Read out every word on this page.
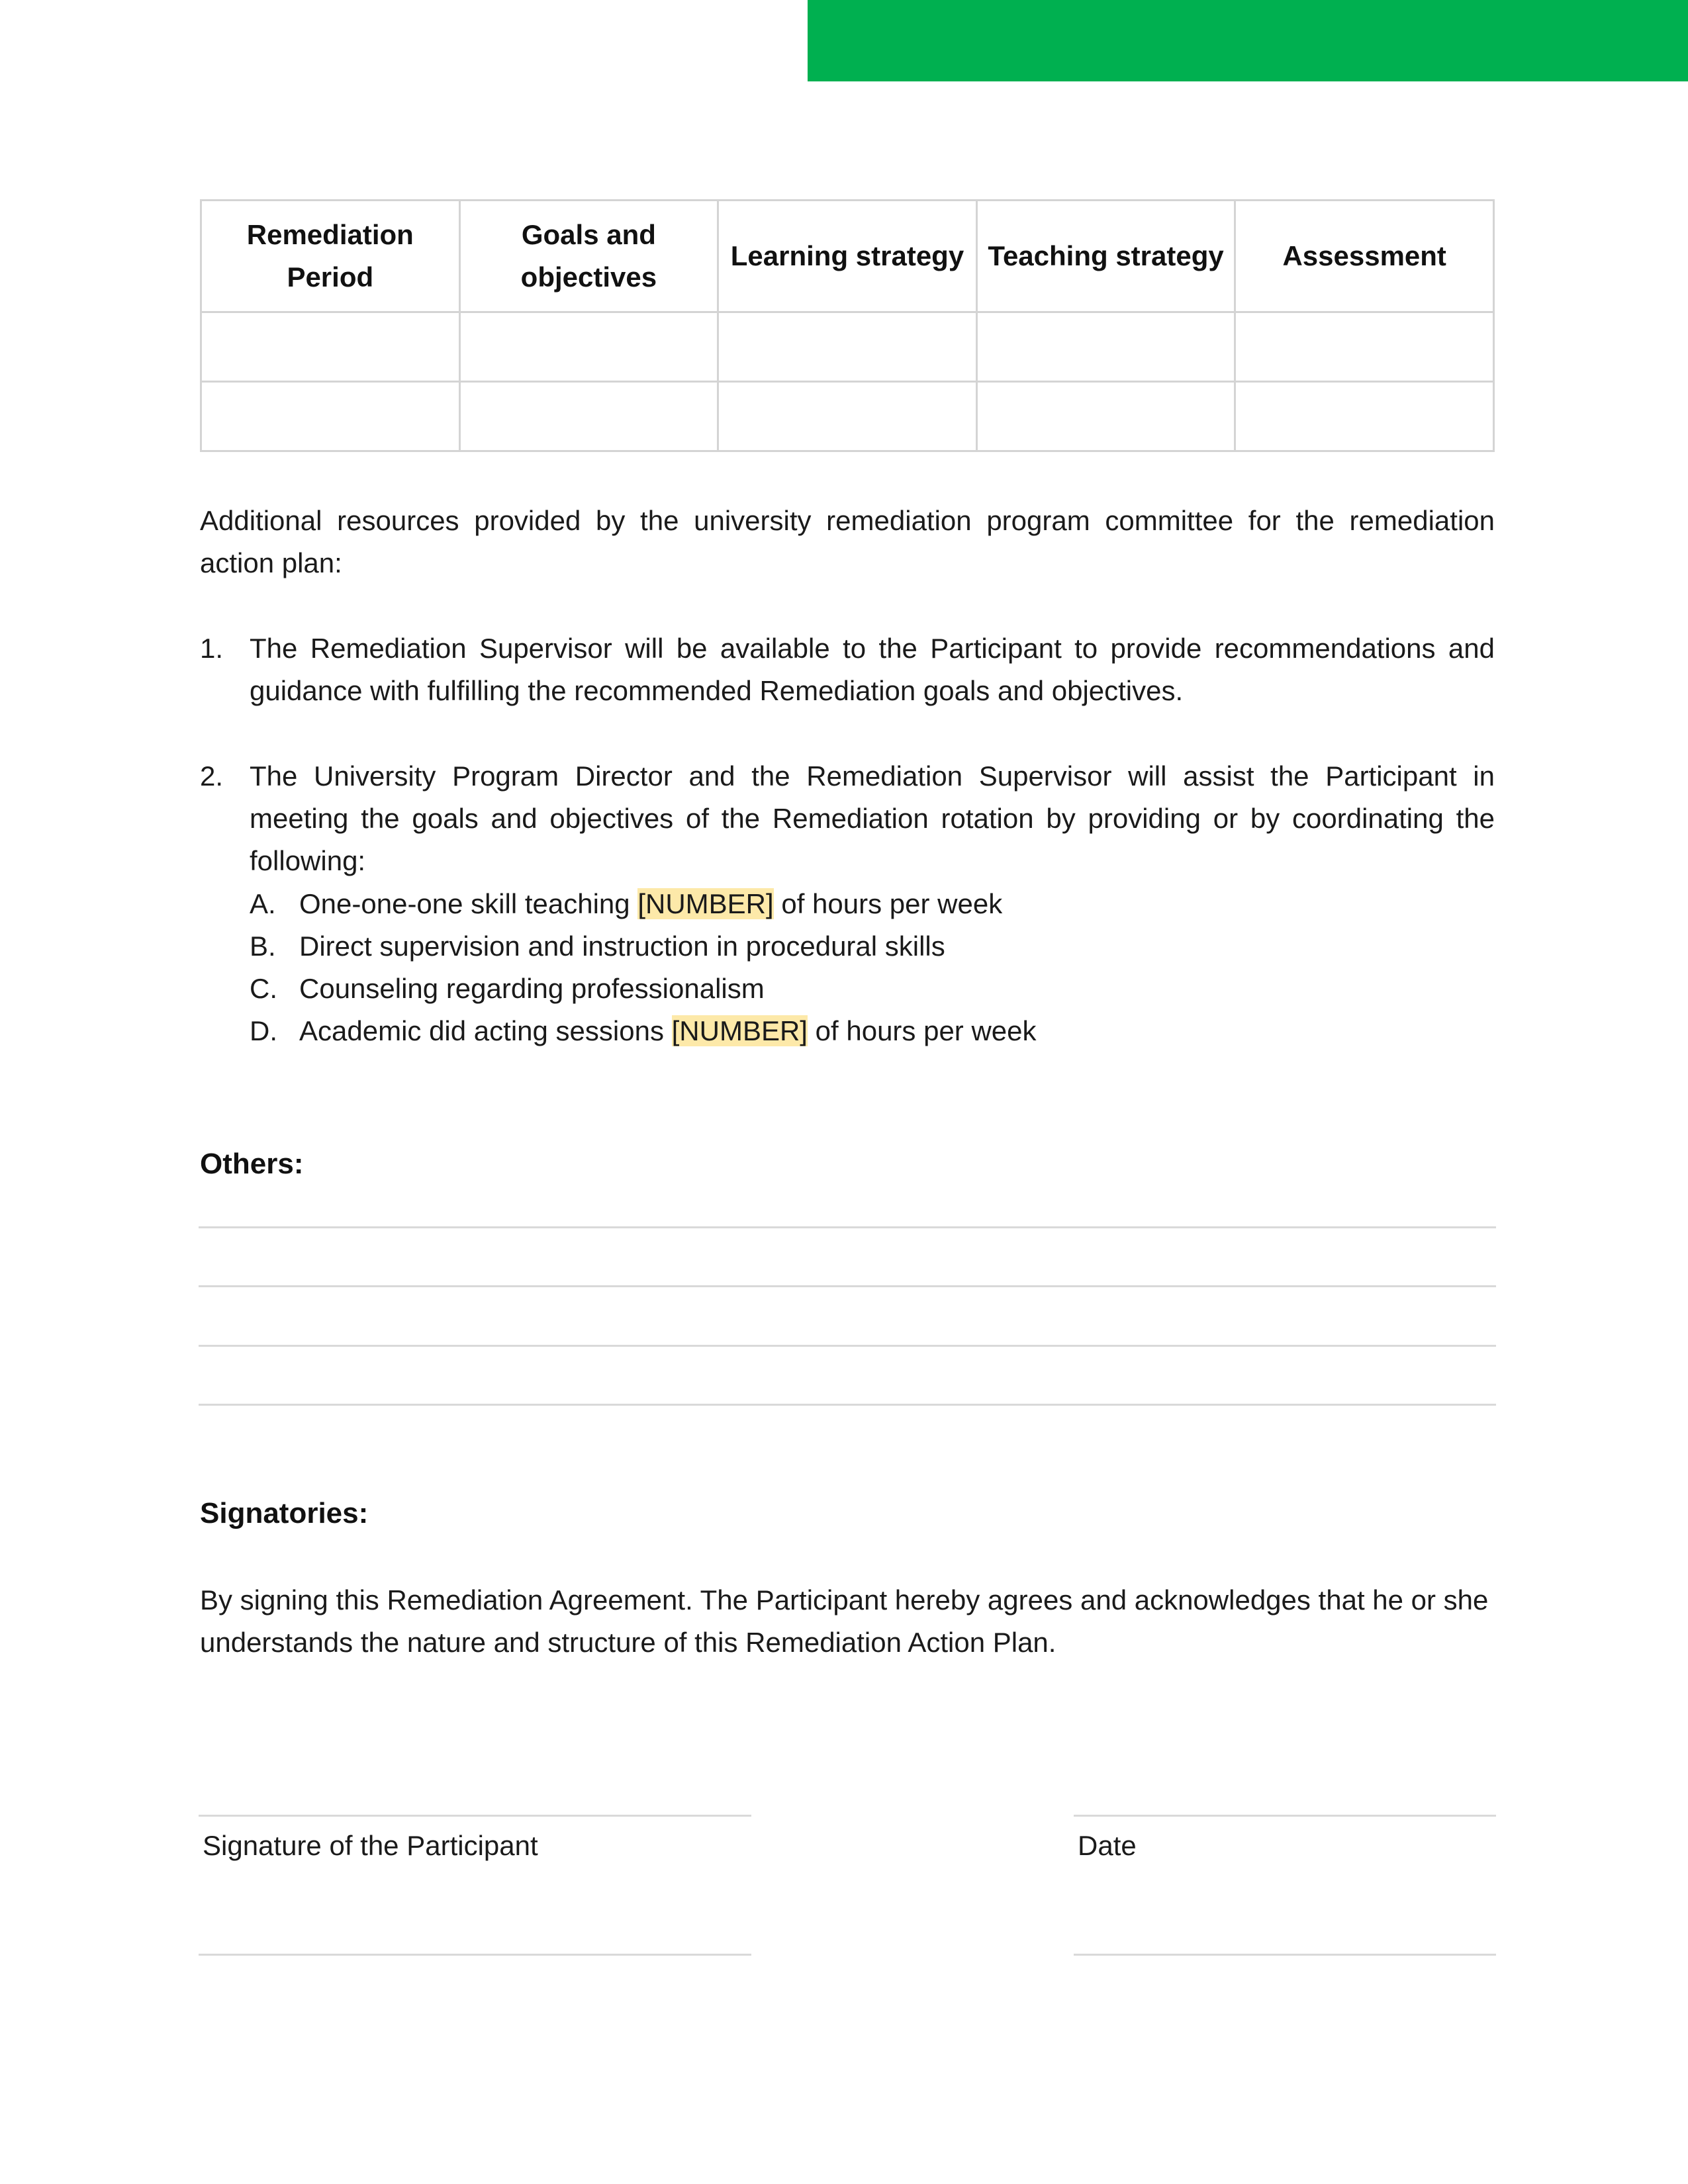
Remediation Period	Goals and objectives	Learning strategy	Teaching strategy	Assessment

Additional resources provided by the university remediation program committee for the remediation action plan:
1. The Remediation Supervisor will be available to the Participant to provide recommendations and guidance with fulfilling the recommended Remediation goals and objectives.
2. The University Program Director and the Remediation Supervisor will assist the Participant in meeting the goals and objectives of the Remediation rotation by providing or by coordinating the following:
A. One-one-one skill teaching [NUMBER] of hours per week
B. Direct supervision and instruction in procedural skills
C. Counseling regarding professionalism
D. Academic did acting sessions [NUMBER] of hours per week
Others:
Signatories:
By signing this Remediation Agreement. The Participant hereby agrees and acknowledges that he or she understands the nature and structure of this Remediation Action Plan.
Signature of the Participant	Date
